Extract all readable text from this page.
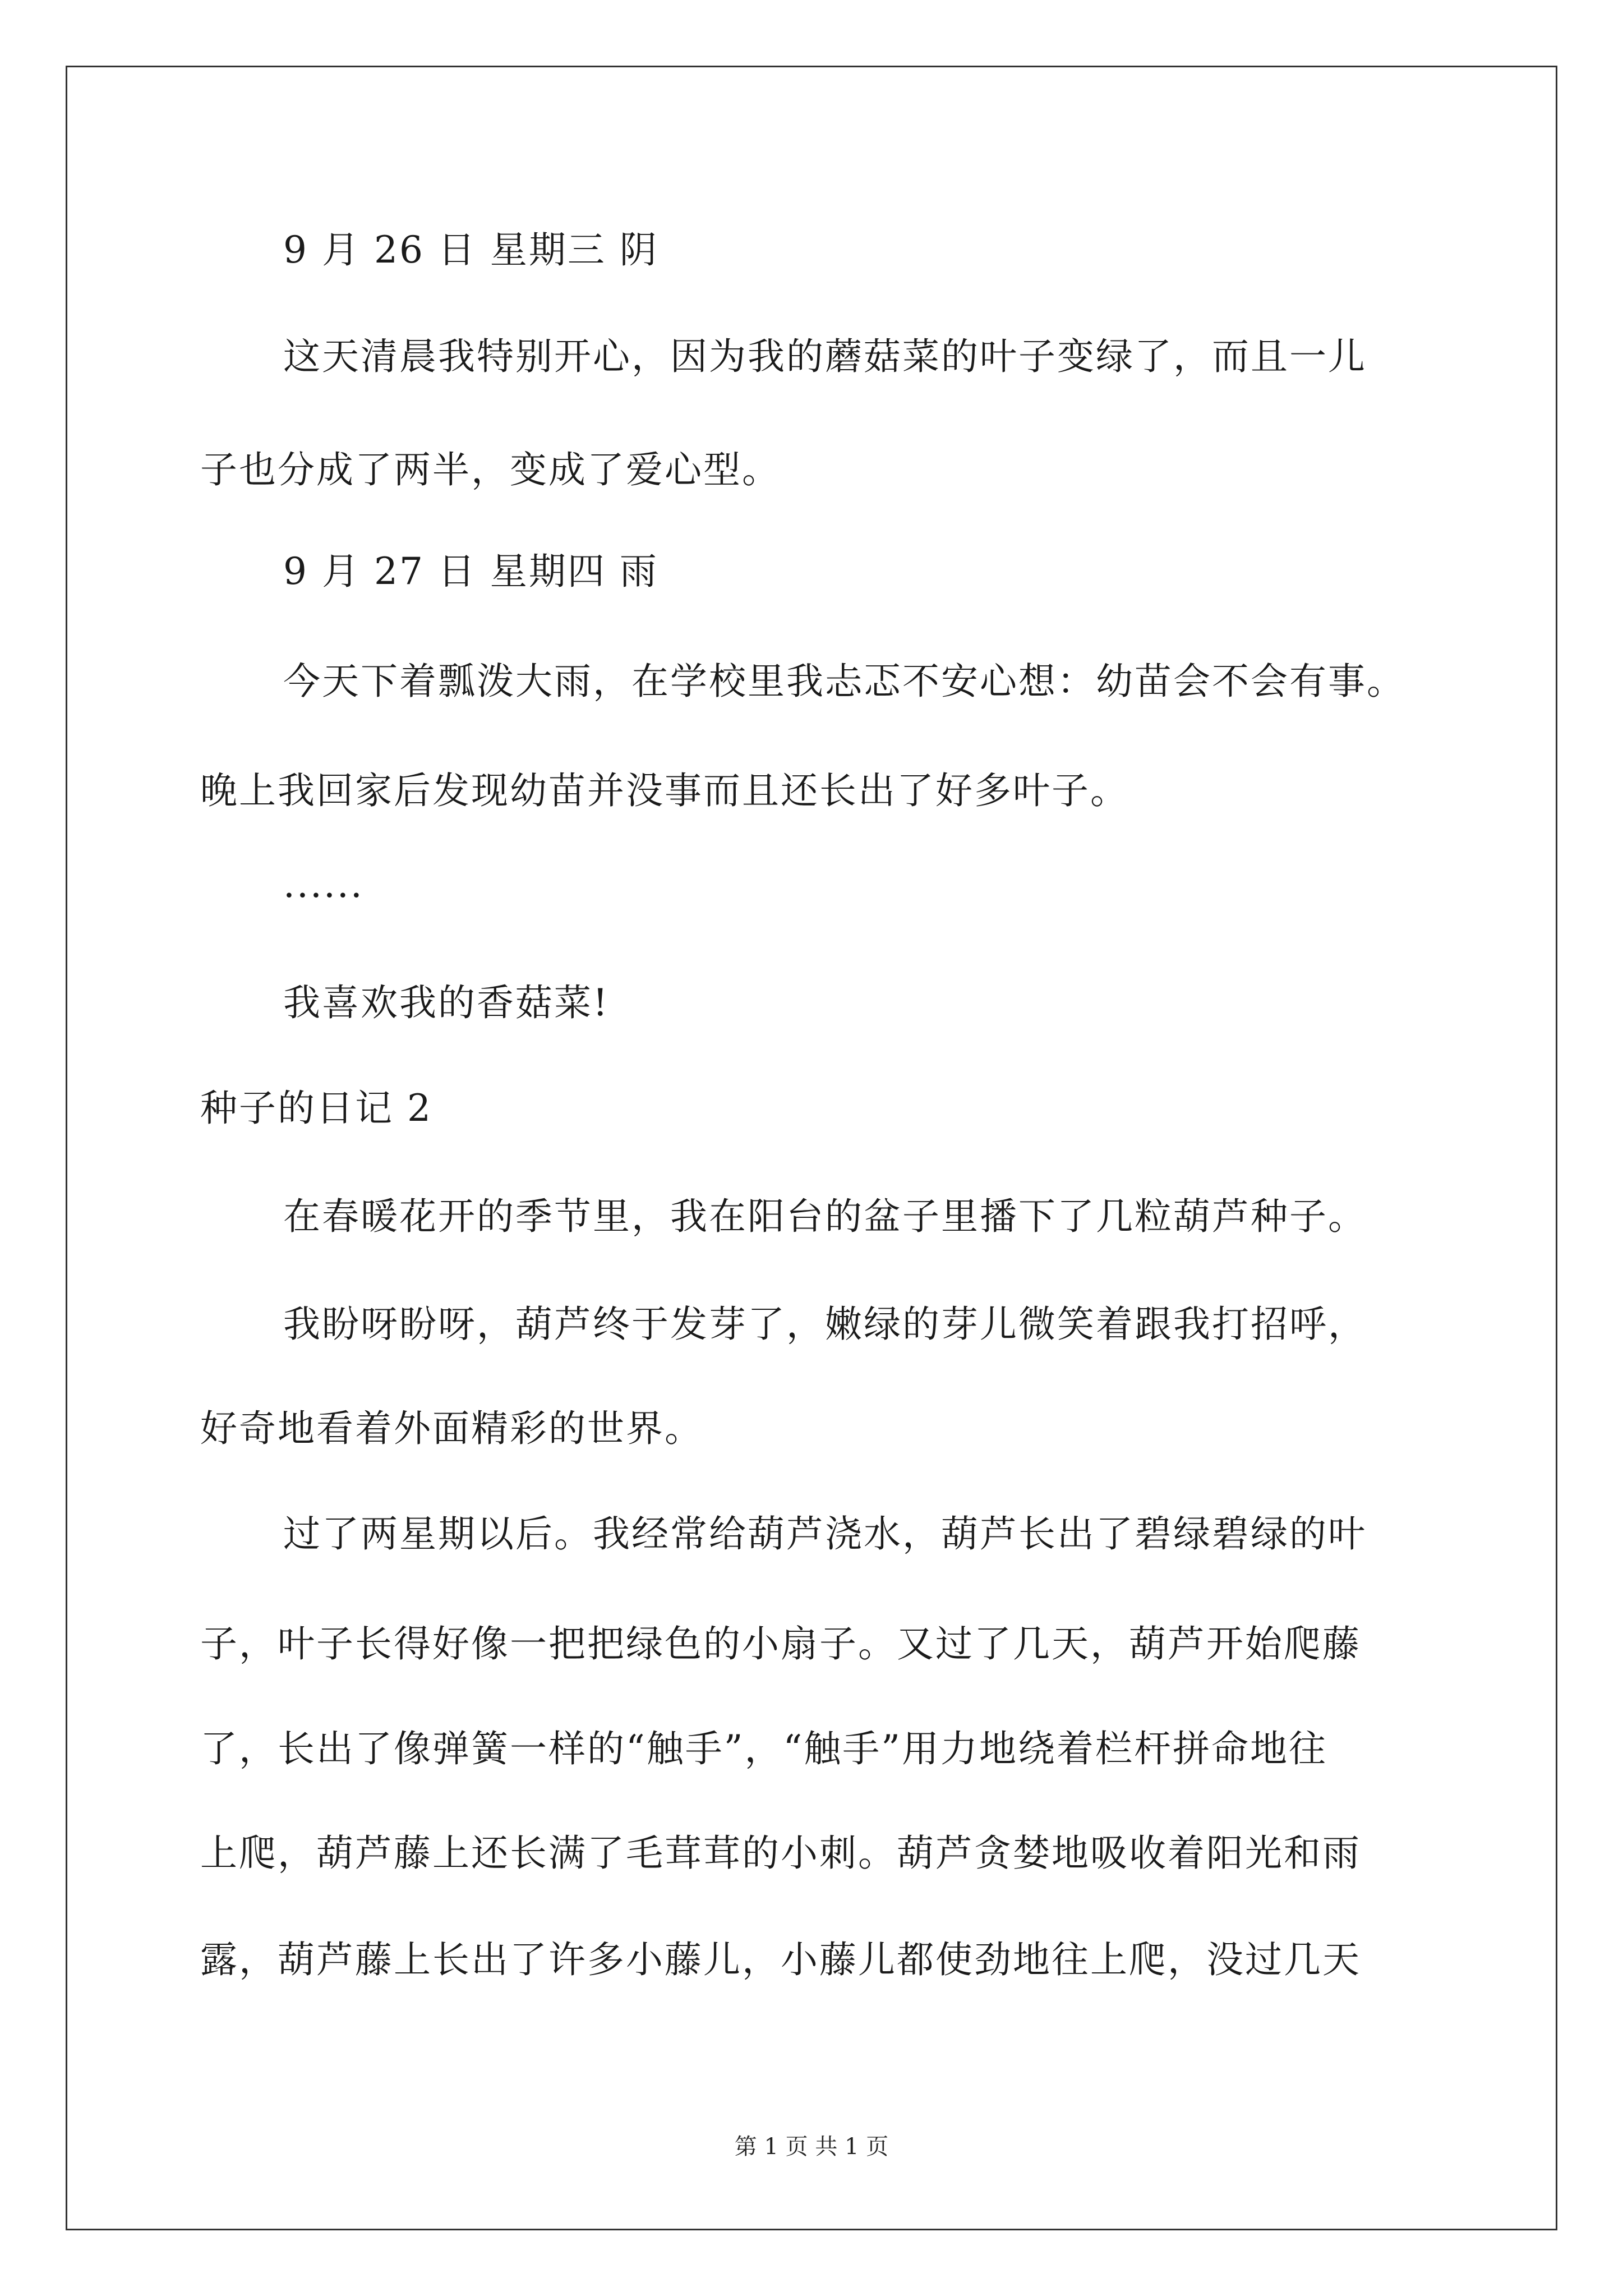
9 月 26 日 星期三 阴
这天清晨我特别开心，因为我的蘑菇菜的叶子变绿了，而且一儿
子也分成了两半，变成了爱心型。
9 月 27 日 星期四 雨
今天下着瓢泼大雨，在学校里我忐忑不安心想：幼苗会不会有事。
晚上我回家后发现幼苗并没事而且还长出了好多叶子。
······
我喜欢我的香菇菜!
种子的日记 2
在春暖花开的季节里，我在阳台的盆子里播下了几粒葫芦种子。
我盼呀盼呀，葫芦终于发芽了，嫩绿的芽儿微笑着跟我打招呼，
好奇地看着外面精彩的世界。
过了两星期以后。我经常给葫芦浇水，葫芦长出了碧绿碧绿的叶
子，叶子长得好像一把把绿色的小扇子。又过了几天，葫芦开始爬藤
了，长出了像弹簧一样的“触手”，“触手”用力地绕着栏杆拼命地往
上爬，葫芦藤上还长满了毛茸茸的小刺。葫芦贪婪地吸收着阳光和雨
露，葫芦藤上长出了许多小藤儿，小藤儿都使劲地往上爬，没过几天
第 1 页 共 1 页
